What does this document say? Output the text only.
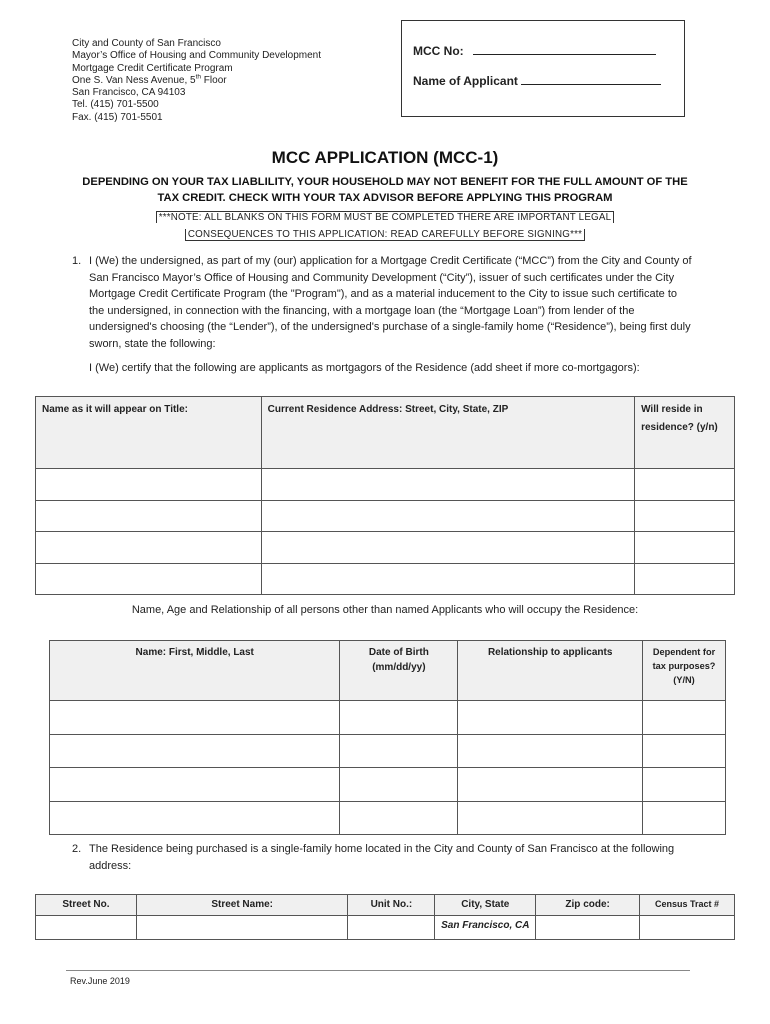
City and County of San Francisco
Mayor’s Office of Housing and Community Development
Mortgage Credit Certificate Program
One S. Van Ness Avenue, 5th Floor
San Francisco, CA 94103
Tel. (415) 701-5500
Fax. (415) 701-5501
MCC No:
Name of Applicant
MCC APPLICATION (MCC-1)
DEPENDING ON YOUR TAX LIABLILITY, YOUR HOUSEHOLD MAY NOT BENEFIT FOR THE FULL AMOUNT OF THE
TAX CREDIT. CHECK WITH YOUR TAX ADVISOR BEFORE APPLYING THIS PROGRAM
***NOTE: ALL BLANKS ON THIS FORM MUST BE COMPLETED THERE ARE IMPORTANT LEGAL
CONSEQUENCES TO THIS APPLICATION: READ CAREFULLY BEFORE SIGNING***
1. I (We) the undersigned, as part of my (our) application for a Mortgage Credit Certificate (“MCC”) from the City and County of San Francisco Mayor’s Office of Housing and Community Development (“City”), issuer of such certificates under the City Mortgage Credit Certificate Program (the "Program"), and as a material inducement to the City to issue such certificate to the undersigned, in connection with the financing, with a mortgage loan (the “Mortgage Loan”) from lender of the undersigned's choosing (the “Lender”), of the undersigned's purchase of a single-family home (“Residence”), being first duly sworn, state the following:
I (We) certify that the following are applicants as mortgagors of the Residence (add sheet if more co-mortgagors):
Name as it will appear on Title:	Current Residence Address: Street, City, State, ZIP	Will reside in residence? (y/n)

Name, Age and Relationship of all persons other than named Applicants who will occupy the Residence:
Name: First, Middle, Last	Date of Birth (mm/dd/yy)	Relationship to applicants	Dependent for tax purposes? (Y/N)

2. The Residence being purchased is a single-family home located in the City and County of San Francisco at the following address:
Street No.	Street Name:	Unit No.:	City, State	Zip code:	Census Tract #
			San Francisco, CA		
Rev.June 2019
